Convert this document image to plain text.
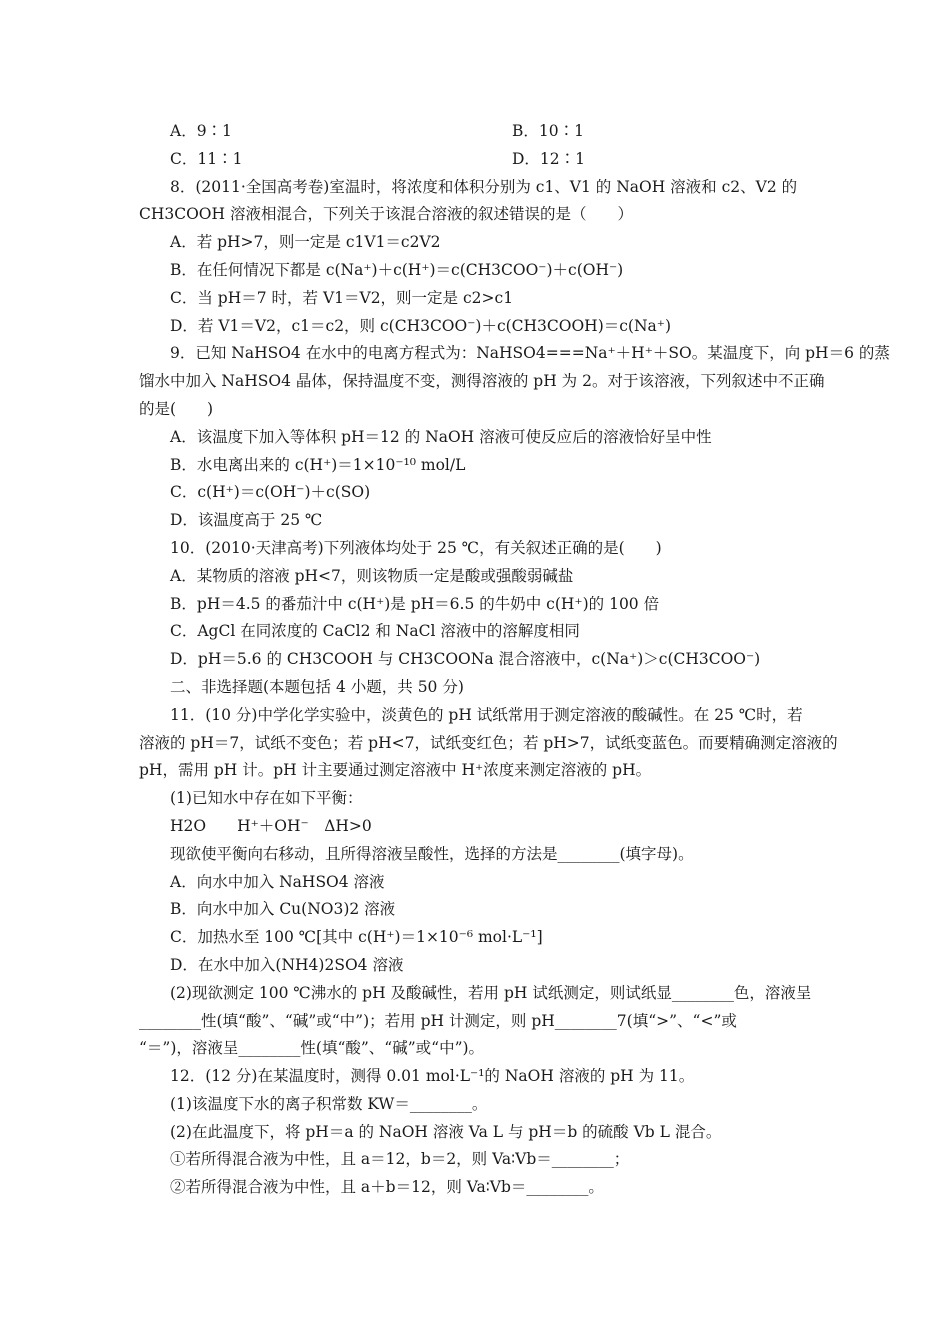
A．9∶1	B．10∶1
C．11∶1	D．12∶1
8．(2011·全国高考卷)室温时，将浓度和体积分别为 c1、V1 的 NaOH 溶液和 c2、V2 的
CH3COOH 溶液相混合，下列关于该混合溶液的叙述错误的是（　　）
A．若 pH>7，则一定是 c1V1＝c2V2
B．在任何情况下都是 c(Na⁺)＋c(H⁺)＝c(CH3COO⁻)＋c(OH⁻)
C．当 pH＝7 时，若 V1＝V2，则一定是 c2>c1
D．若 V1＝V2，c1＝c2，则 c(CH3COO⁻)＋c(CH3COOH)＝c(Na⁺)
9．已知 NaHSO4 在水中的电离方程式为：NaHSO4===Na⁺＋H⁺＋SO。某温度下，向 pH＝6 的蒸
馏水中加入 NaHSO4 晶体，保持温度不变，测得溶液的 pH 为 2。对于该溶液，下列叙述中不正确
的是(　　)
A．该温度下加入等体积 pH＝12 的 NaOH 溶液可使反应后的溶液恰好呈中性
B．水电离出来的 c(H⁺)＝1×10⁻¹⁰ mol/L
C．c(H⁺)＝c(OH⁻)＋c(SO)
D．该温度高于 25 ℃
10．(2010·天津高考)下列液体均处于 25 ℃，有关叙述正确的是(　　)
A．某物质的溶液 pH<7，则该物质一定是酸或强酸弱碱盐
B．pH＝4.5 的番茄汁中 c(H⁺)是 pH＝6.5 的牛奶中 c(H⁺)的 100 倍
C．AgCl 在同浓度的 CaCl2 和 NaCl 溶液中的溶解度相同
D．pH＝5.6 的 CH3COOH 与 CH3COONa 混合溶液中，c(Na⁺)＞c(CH3COO⁻)
二、非选择题(本题包括 4 小题，共 50 分)
11．(10 分)中学化学实验中，淡黄色的 pH 试纸常用于测定溶液的酸碱性。在 25 ℃时，若
溶液的 pH＝7，试纸不变色；若 pH<7，试纸变红色；若 pH>7，试纸变蓝色。而要精确测定溶液的
pH，需用 pH 计。pH 计主要通过测定溶液中 H⁺浓度来测定溶液的 pH。
(1)已知水中存在如下平衡：
H2O　　H⁺＋OH⁻　ΔH>0
现欲使平衡向右移动，且所得溶液呈酸性，选择的方法是________(填字母)。
A．向水中加入 NaHSO4 溶液
B．向水中加入 Cu(NO3)2 溶液
C．加热水至 100 ℃[其中 c(H⁺)＝1×10⁻⁶ mol·L⁻¹]
D．在水中加入(NH4)2SO4 溶液
(2)现欲测定 100 ℃沸水的 pH 及酸碱性，若用 pH 试纸测定，则试纸显________色，溶液呈
________性(填“酸”、“碱”或“中”)；若用 pH 计测定，则 pH________7(填“>”、“<”或
“＝”)，溶液呈________性(填“酸”、“碱”或“中”)。
12．(12 分)在某温度时，测得 0.01 mol·L⁻¹的 NaOH 溶液的 pH 为 11。
(1)该温度下水的离子积常数 KW＝________。
(2)在此温度下，将 pH＝a 的 NaOH 溶液 Va L 与 pH＝b 的硫酸 Vb L 混合。
①若所得混合液为中性，且 a＝12，b＝2，则 Va∶Vb＝________；
②若所得混合液为中性，且 a＋b＝12，则 Va∶Vb＝________。
